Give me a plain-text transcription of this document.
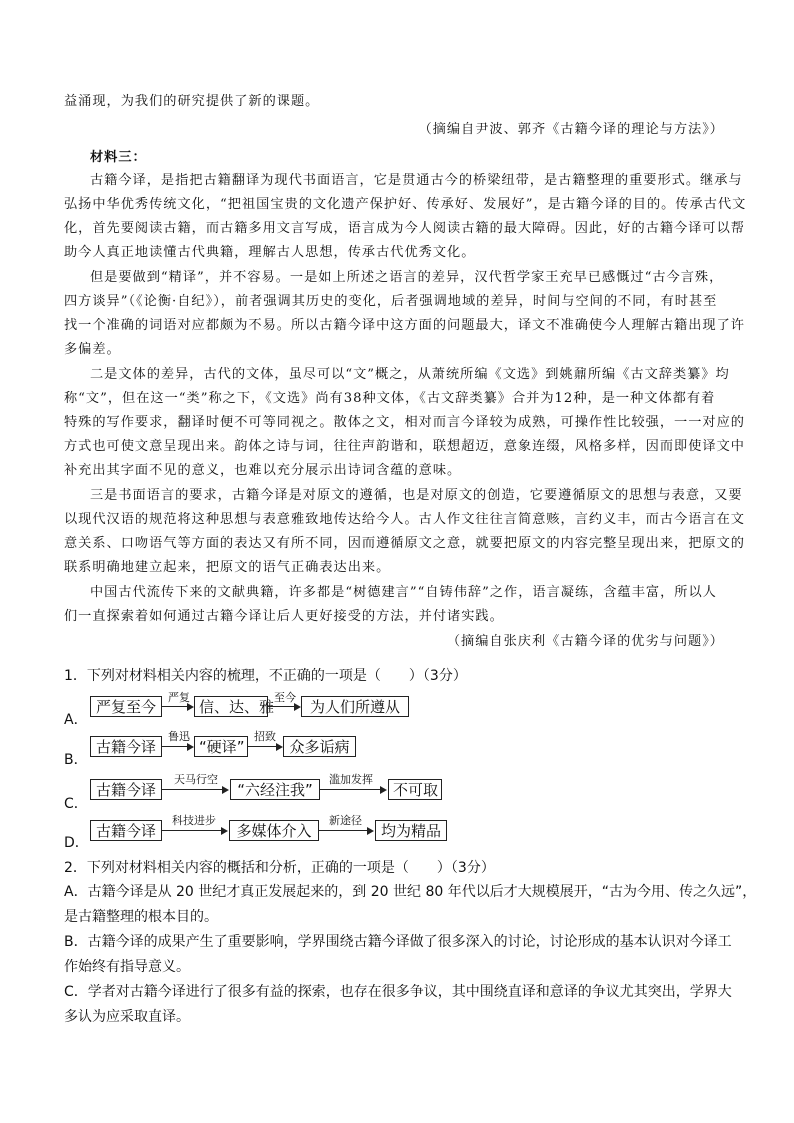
益涌现，为我们的研究提供了新的课题。
（摘编自尹波、郭齐《古籍今译的理论与方法》）
材料三：
古籍今译，是指把古籍翻译为现代书面语言，它是贯通古今的桥梁纽带，是古籍整理的重要形式。继承与
弘扬中华优秀传统文化，“把祖国宝贵的文化遗产保护好、传承好、发展好”，是古籍今译的目的。传承古代文
化，首先要阅读古籍，而古籍多用文言写成，语言成为今人阅读古籍的最大障碍。因此，好的古籍今译可以帮
助今人真正地读懂古代典籍，理解古人思想，传承古代优秀文化。
但是要做到“精译”，并不容易。一是如上所述之语言的差异，汉代哲学家王充早已感慨过“古今言殊，
四方谈异”（《论衡·自纪》），前者强调其历史的变化，后者强调地域的差异，时间与空间的不同，有时甚至
找一个准确的词语对应都颇为不易。所以古籍今译中这方面的问题最大，译文不准确使今人理解古籍出现了许
多偏差。
二是文体的差异，古代的文体，虽尽可以“文”概之，从萧统所编《文选》到姚鼐所编《古文辞类纂》均
称“文”，但在这一“类”称之下，《文选》尚有38种文体，《古文辞类纂》合并为12种，是一种文体都有着
特殊的写作要求，翻译时便不可等同视之。散体之文，相对而言今译较为成熟，可操作性比较强，一一对应的
方式也可使文意呈现出来。韵体之诗与词，往往声韵谐和，联想超迈，意象连缀，风格多样，因而即使译文中
补充出其字面不见的意义，也难以充分展示出诗词含蕴的意味。
三是书面语言的要求，古籍今译是对原文的遵循，也是对原文的创造，它要遵循原文的思想与表意，又要
以现代汉语的规范将这种思想与表意雅致地传达给今人。古人作文往往言简意赅，言约义丰，而古今语言在文
意关系、口吻语气等方面的表达又有所不同，因而遵循原文之意，就要把原文的内容完整呈现出来，把原文的
联系明确地建立起来，把原文的语气正确表达出来。
中国古代流传下来的文献典籍，许多都是“树德建言”“自铸伟辞”之作，语言凝练，含蕴丰富，所以人
们一直探索着如何通过古籍今译让后人更好接受的方法，并付诸实践。
（摘编自张庆利《古籍今译的优劣与问题》）
1．下列对材料相关内容的梳理，不正确的一项是（　　）（3分）
A．
严复至今
严复
信、达、雅
至今
为人们所遵从
B．
古籍今译
鲁迅
“硬译”
招致
众多诟病
C．
古籍今译
天马行空
“六经注我”
滥加发挥
不可取
D．
古籍今译
科技进步
多媒体介入
新途径
均为精品
2．下列对材料相关内容的概括和分析，正确的一项是（　　）（3分）
A．古籍今译是从 20 世纪才真正发展起来的，到 20 世纪 80 年代以后才大规模展开，“古为今用、传之久远”，
是古籍整理的根本目的。
B．古籍今译的成果产生了重要影响，学界围绕古籍今译做了很多深入的讨论，讨论形成的基本认识对今译工
作始终有指导意义。
C．学者对古籍今译进行了很多有益的探索，也存在很多争议，其中围绕直译和意译的争议尤其突出，学界大
多认为应采取直译。
